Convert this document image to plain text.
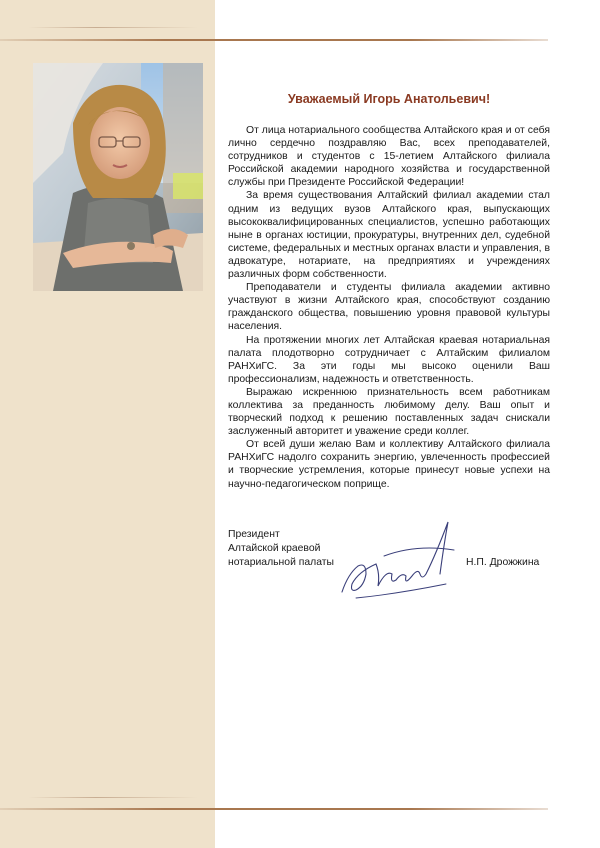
Уважаемый Игорь Анатольевич!

От лица нотариального сообщества Алтайского края и от себя лично сердечно поздравляю Вас, всех преподавателей, сотрудников и студентов с 15-летием Алтайского филиала Российской академии народного хозяйства и государственной службы при Президенте Российской Федерации!

За время существования Алтайский филиал академии стал одним из ведущих вузов Алтайского края, выпускающих высококвалифицированных специалистов, успешно работающих ныне в органах юстиции, прокуратуры, внутренних дел, судебной системе, федеральных и местных органах власти и управления, в адвокатуре, нотариате, на предприятиях и учреждениях различных форм собственности.

Преподаватели и студенты филиала академии активно участвуют в жизни Алтайского края, способствуют созданию гражданского общества, повышению уровня правовой культуры населения.

На протяжении многих лет Алтайская краевая нотариальная палата плодотворно сотрудничает с Алтайским филиалом РАНХиГС. За эти годы мы высоко оценили Ваш профессионализм, надежность и ответственность.

Выражаю искреннюю признательность всем работникам коллектива за преданность любимому делу. Ваш опыт и творческий подход к решению поставленных задач снискали заслуженный авторитет и уважение среди коллег.

От всей души желаю Вам и коллективу Алтайского филиала РАНХиГС надолго сохранить энергию, увлеченность профессией и творческие устремления, которые принесут новые успехи на научно-педагогическом поприще.

Президент
Алтайской краевой
нотариальной палаты	Н.П. Дрожжина
